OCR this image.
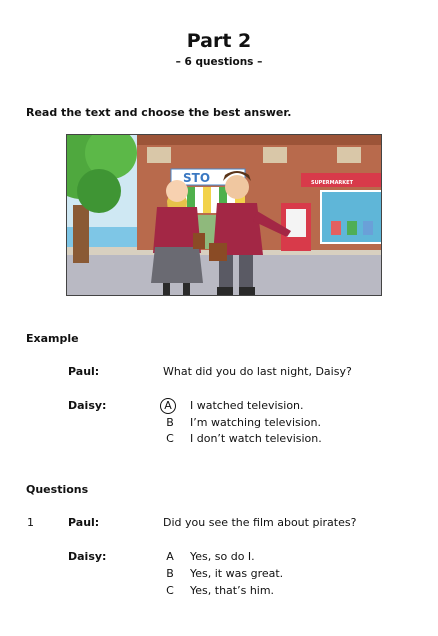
Part 2
– 6 questions –
Read the text and choose the best answer.
STO	SUPERMARKET
Example
Paul:	What did you do last night, Daisy?
Daisy:	A I watched television.
B I’m watching television.
C I don’t watch television.
Questions
1	Paul:	Did you see the film about pirates?
Daisy:	A Yes, so do I.
B Yes, it was great.
C Yes, that’s him.
